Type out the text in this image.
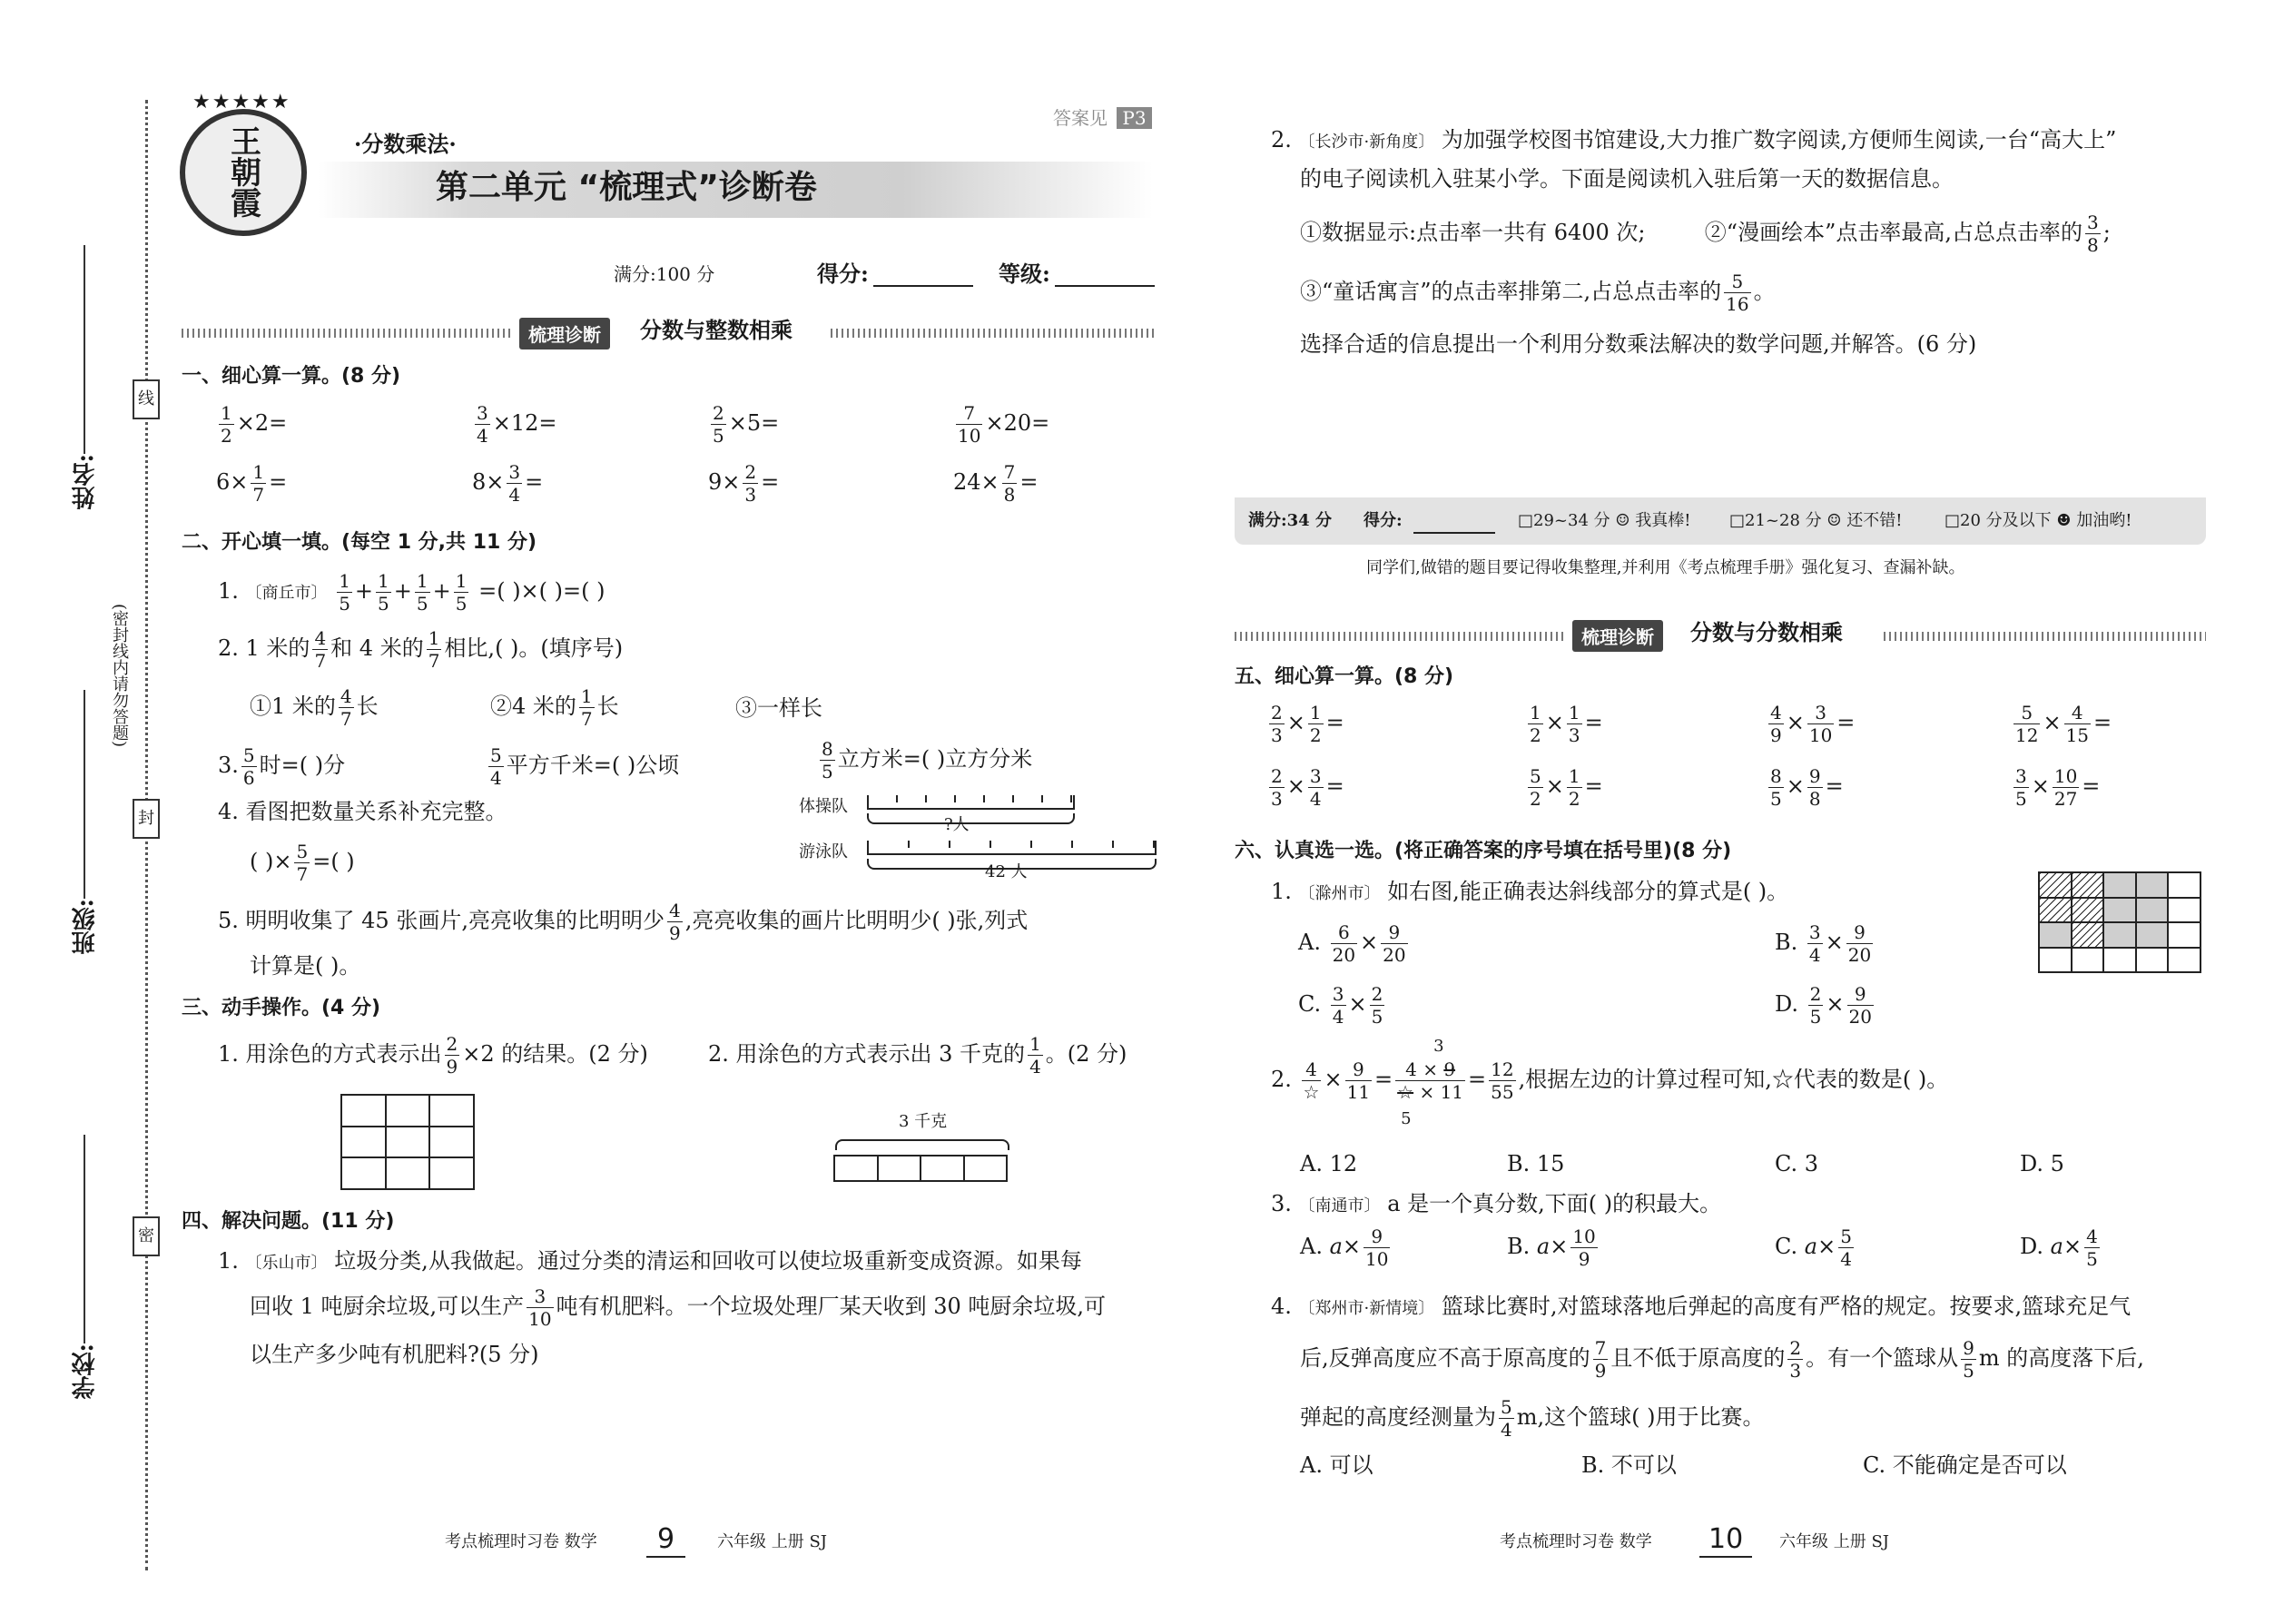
线
封
密
(密封线内请勿答题)
姓名:
班级:
学校:
★★★★★
王朝霞	·分数乘法·
答案见 P3
第二单元 “梳理式”诊断卷
满分:100 分	得分:	等级:
梳理诊断	分数与整数相乘
一、细心算一算。(8 分)
$\frac{1}{2} \times 2=$	$\frac{3}{4} \times 12=$	$\frac{2}{5} \times 5=$	$\frac{7}{10} \times 20=$
$6\times \frac{1}{7}$ =	$8\times \frac{3}{4}$ =	$9\times \frac{2}{3}$ =	$24\times \frac{7}{8}$ =
二、开心填一填。(每空 1 分,共 11 分)
1. 〔商丘市〕 $\frac{1}{5} + \frac{1}{5} + \frac{1}{5} + \frac{1}{5}$ =( )×( )=( )
2. 1 米的 $\frac{4}{7}$ 和 4 米的 $\frac{1}{7}$ 相比,( )。(填序号)
①1 米的 $\frac{4}{7}$ 长	②4 米的 $\frac{1}{7}$ 长	③一样长
3. $\frac{5}{6}$ 时=( )分	$\frac{5}{4}$ 平方千米=( )公顷	$\frac{8}{5}$ 立方米=( )立方分米
4. 看图把数量关系补充完整。
( )× $\frac{5}{7}$ =( )
体操队
?人
游泳队
42 人
5. 明明收集了 45 张画片,亮亮收集的比明明少 $\frac{4}{9}$ ,亮亮收集的画片比明明少( )张,列式
计算是( )。
三、动手操作。(4 分)
1. 用涂色的方式表示出 $\frac{2}{9} \times 2$ 的结果。(2 分)	2. 用涂色的方式表示出 3 千克的 $\frac{1}{4}$ 。(2 分)
3 千克
四、解决问题。(11 分)
1. 〔乐山市〕 垃圾分类,从我做起。通过分类的清运和回收可以使垃圾重新变成资源。如果每
回收 1 吨厨余垃圾,可以生产 $\frac{3}{10}$ 吨有机肥料。一个垃圾处理厂某天收到 30 吨厨余垃圾,可
以生产多少吨有机肥料?(5 分)
考点梳理时习卷 数学	9	六年级 上册 SJ
2. 〔长沙市·新角度〕 为加强学校图书馆建设,大力推广数字阅读,方便师生阅读,一台“高大上”
的电子阅读机入驻某小学。下面是阅读机入驻后第一天的数据信息。
①数据显示:点击率一共有 6400 次;	②“漫画绘本”点击率最高,占总点击率的 $\frac{3}{8}$ ;
③“童话寓言”的点击率排第二,占总点击率的 $\frac{5}{16}$ 。
选择合适的信息提出一个利用分数乘法解决的数学问题,并解答。(6 分)
满分:34 分 得分:	□29~34 分 ☺ 我真棒! □21~28 分 ☺ 还不错!	□20 分及以下 ☻ 加油哟!
同学们,做错的题目要记得收集整理,并利用《考点梳理手册》强化复习、查漏补缺。
梳理诊断	分数与分数相乘
五、细心算一算。(8 分)
$\frac{2}{3} \times \frac{1}{2}$ =	$\frac{1}{2} \times \frac{1}{3}$ =	$\frac{4}{9} \times \frac{3}{10}$ =	$\frac{5}{12} \times \frac{4}{15}$ =
$\frac{2}{3} \times \frac{3}{4}$ =	$\frac{5}{2} \times \frac{1}{2}$ =	$\frac{8}{5} \times \frac{9}{8}$ =	$\frac{3}{5} \times \frac{10}{27}$ =
六、认真选一选。(将正确答案的序号填在括号里)(8 分)
1. 〔滁州市〕 如右图,能正确表达斜线部分的算式是( )。
A. $\frac{6}{20} \times \frac{9}{20}$	B. $\frac{3}{4} \times \frac{9}{20}$
C. $\frac{3}{4} \times \frac{2}{5}$	D. $\frac{2}{5} \times \frac{9}{20}$
2. $\frac{4}{☆} \times \frac{9}{11}$ =
3
4 × 9
☆ × 11
5
= $\frac{12}{55}$ ,根据左边的计算过程可知,☆代表的数是( )。
A. 12	B. 15	C. 3	D. 5
3. 〔南通市〕 a 是一个真分数,下面( )的积最大。
A. $a\times \frac{9}{10}$	B. $a\times \frac{10}{9}$	C. $a\times \frac{5}{4}$	D. $a\times \frac{4}{5}$
4. 〔郑州市·新情境〕 篮球比赛时,对篮球落地后弹起的高度有严格的规定。按要求,篮球充足气
后,反弹高度应不高于原高度的 $\frac{7}{9}$ 且不低于原高度的 $\frac{2}{3}$ 。有一个篮球从 $\frac{9}{5}$ m 的高度落下后,
弹起的高度经测量为 $\frac{5}{4} m$,这个篮球( )用于比赛。
A. 可以	B. 不可以	C. 不能确定是否可以
考点梳理时习卷 数学	10	六年级 上册 SJ
